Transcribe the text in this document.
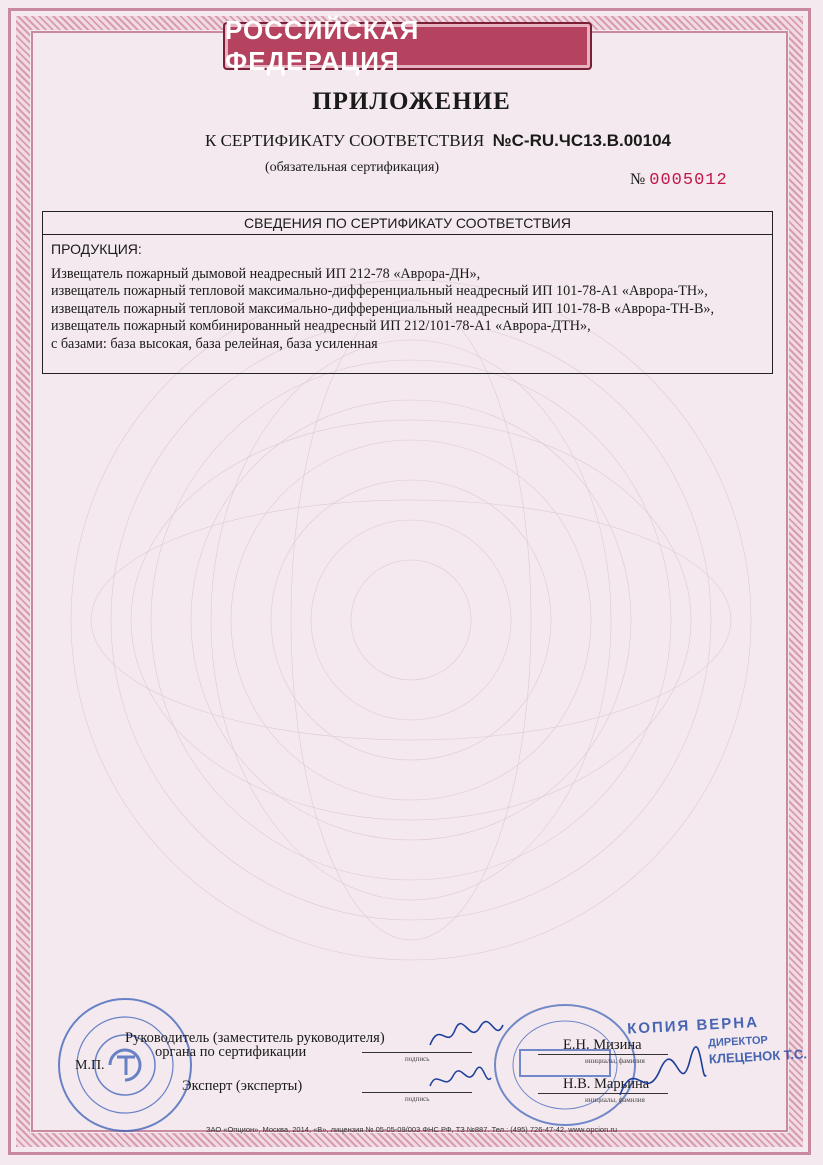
РОССИЙСКАЯ ФЕДЕРАЦИЯ
ПРИЛОЖЕНИЕ
К СЕРТИФИКАТУ СООТВЕТСТВИЯ №С-RU.ЧС13.В.00104
(обязательная сертификация)
№ 0005012
СВЕДЕНИЯ ПО СЕРТИФИКАТУ СООТВЕТСТВИЯ
ПРОДУКЦИЯ:
Извещатель пожарный дымовой неадресный ИП 212-78 «Аврора-ДН»,
извещатель пожарный тепловой максимально-дифференциальный неадресный ИП 101-78-А1 «Аврора-ТН»,
извещатель пожарный тепловой максимально-дифференциальный неадресный ИП 101-78-В «Аврора-ТН-В»,
извещатель пожарный комбинированный неадресный ИП 212/101-78-А1 «Аврора-ДТН»,
с базами: база высокая, база релейная, база усиленная
КОПИЯ ВЕРНА
ДИРЕКТОР
КЛЕЦЕНОК Т.С.
Руководитель (заместитель руководителя)
М.П.
органа по сертификации	подпись
Е.Н. Мизина
инициалы, фамилия
Эксперт (эксперты)
подпись
Н.В. Марьина
инициалы, фамилия
ЗАО «Опцион», Москва, 2014, «В», лицензия № 05-05-09/003 ФНС РФ, ТЗ №887. Тел.: (495) 726-47-42, www.opcion.ru
